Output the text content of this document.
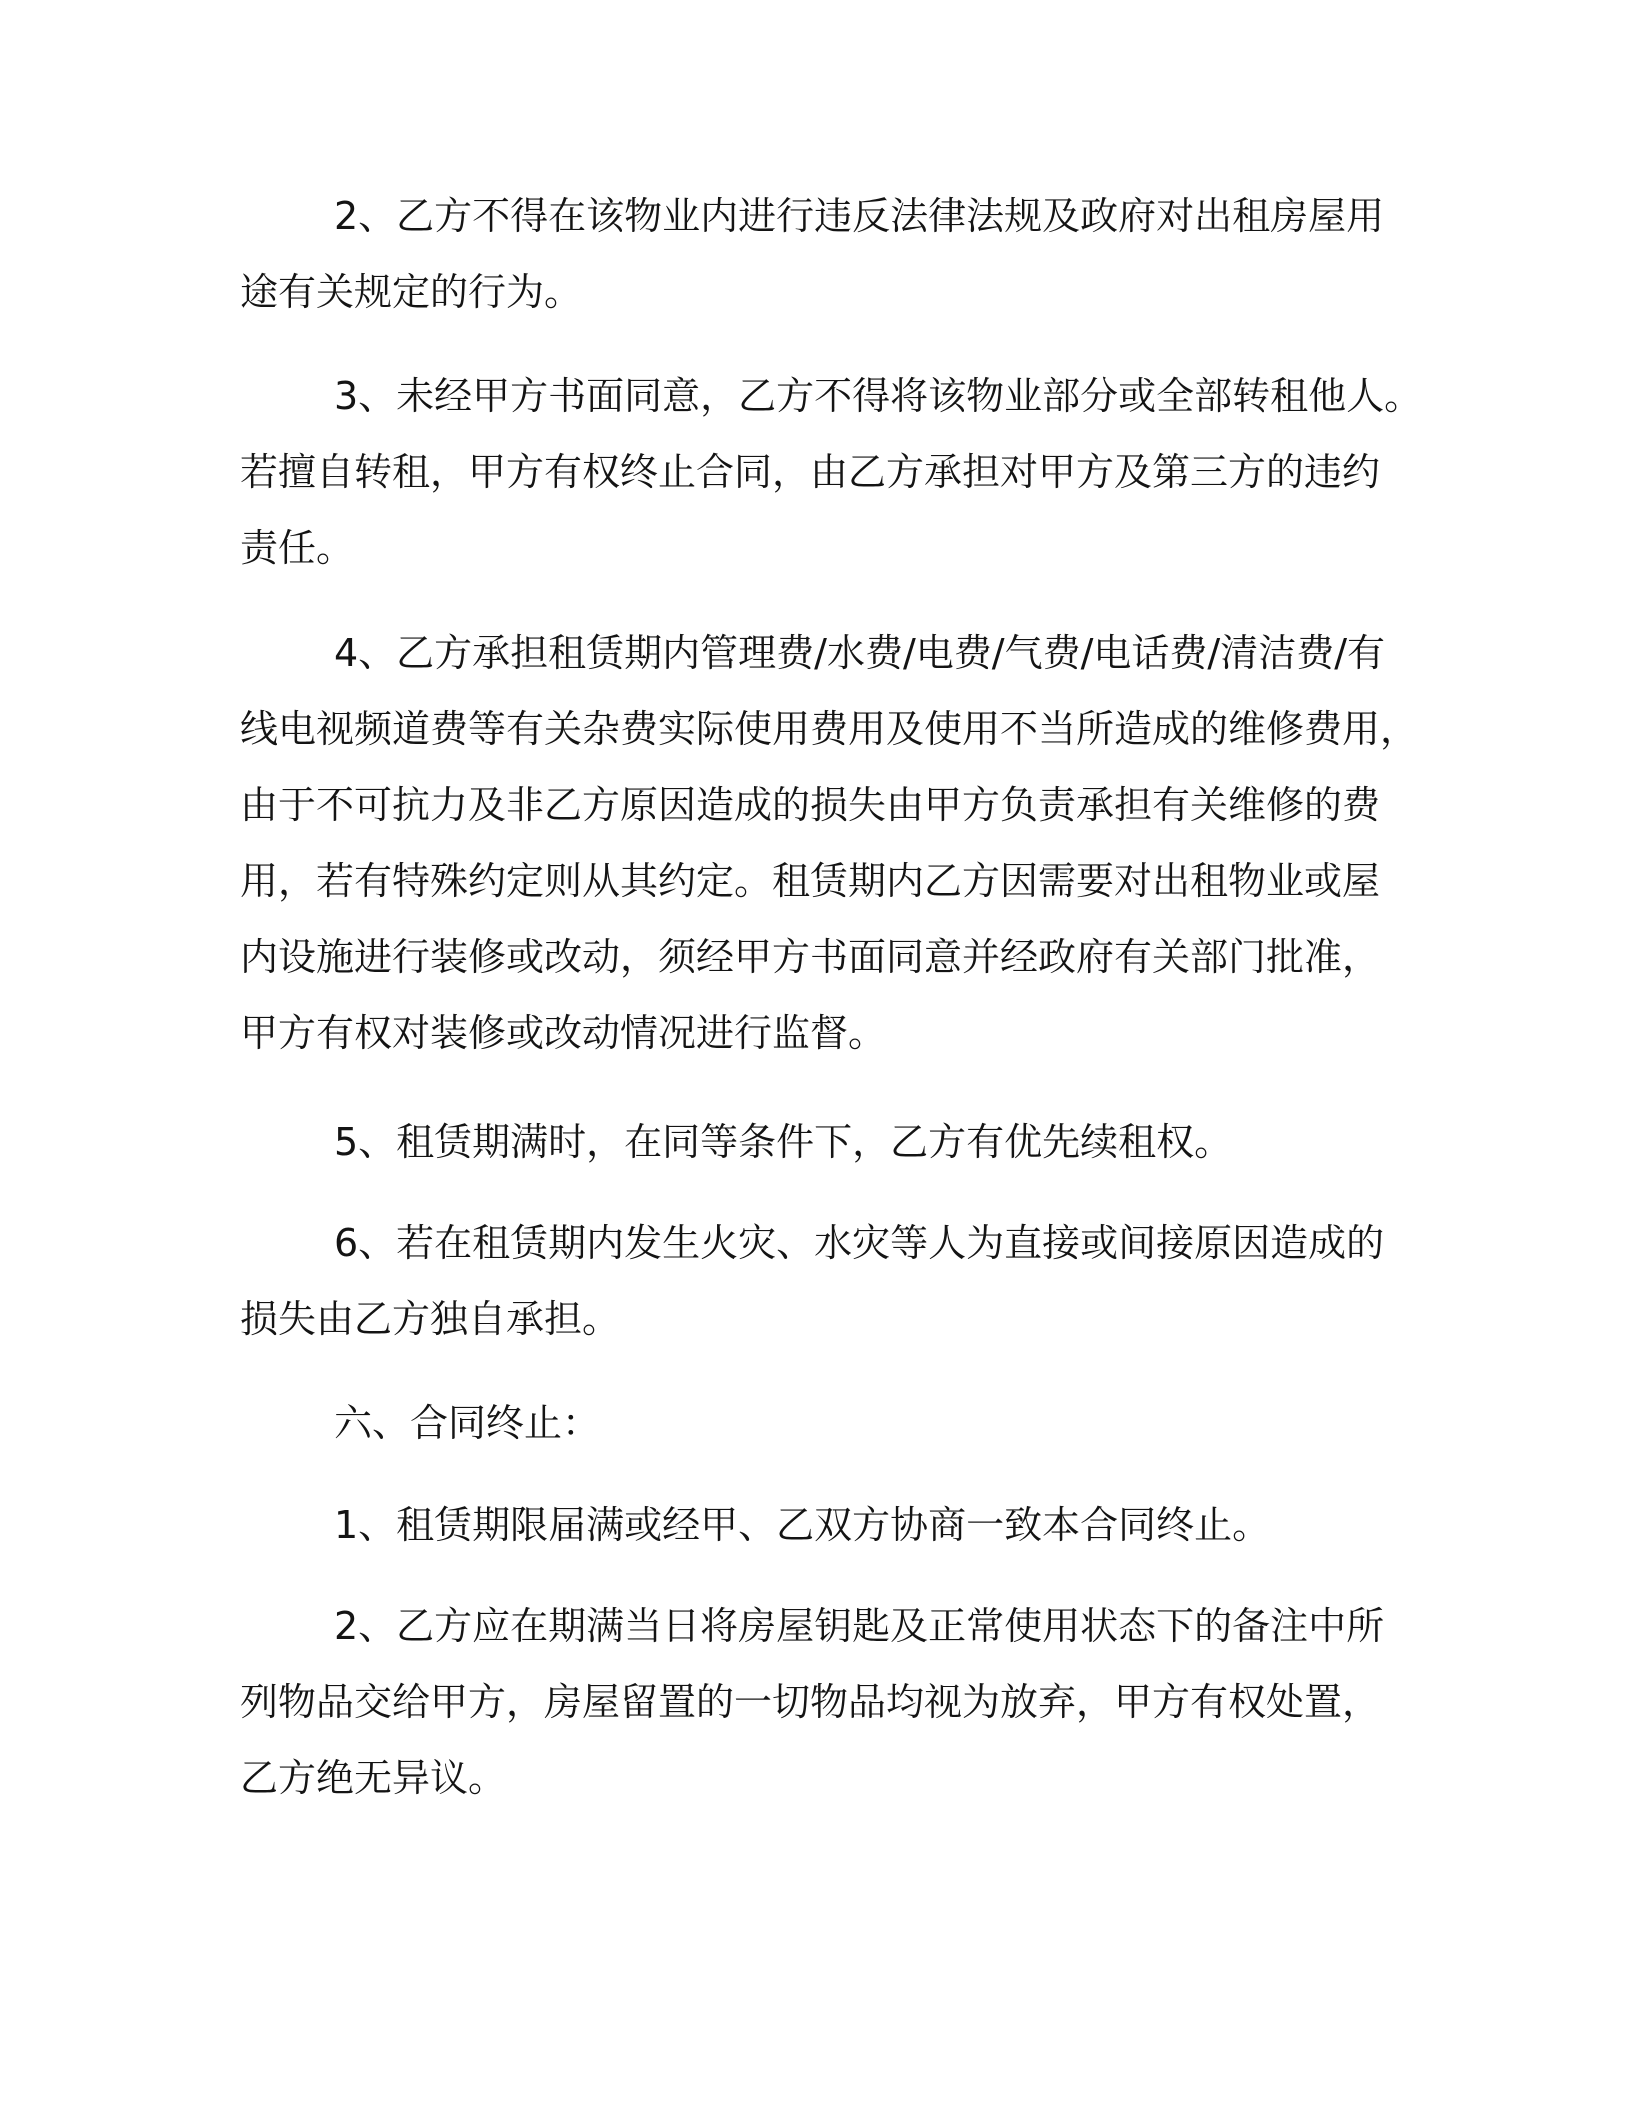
2、乙方不得在该物业内进行违反法律法规及政府对出租房屋用
途有关规定的行为。
3、未经甲方书面同意，乙方不得将该物业部分或全部转租他人。
若擅自转租，甲方有权终止合同，由乙方承担对甲方及第三方的违约
责任。
4、乙方承担租赁期内管理费/水费/电费/气费/电话费/清洁费/有
线电视频道费等有关杂费实际使用费用及使用不当所造成的维修费用，
由于不可抗力及非乙方原因造成的损失由甲方负责承担有关维修的费
用，若有特殊约定则从其约定。租赁期内乙方因需要对出租物业或屋
内设施进行装修或改动，须经甲方书面同意并经政府有关部门批准，
甲方有权对装修或改动情况进行监督。
5、租赁期满时，在同等条件下，乙方有优先续租权。
6、若在租赁期内发生火灾、水灾等人为直接或间接原因造成的
损失由乙方独自承担。
六、合同终止：
1、租赁期限届满或经甲、乙双方协商一致本合同终止。
2、乙方应在期满当日将房屋钥匙及正常使用状态下的备注中所
列物品交给甲方，房屋留置的一切物品均视为放弃，甲方有权处置，
乙方绝无异议。
